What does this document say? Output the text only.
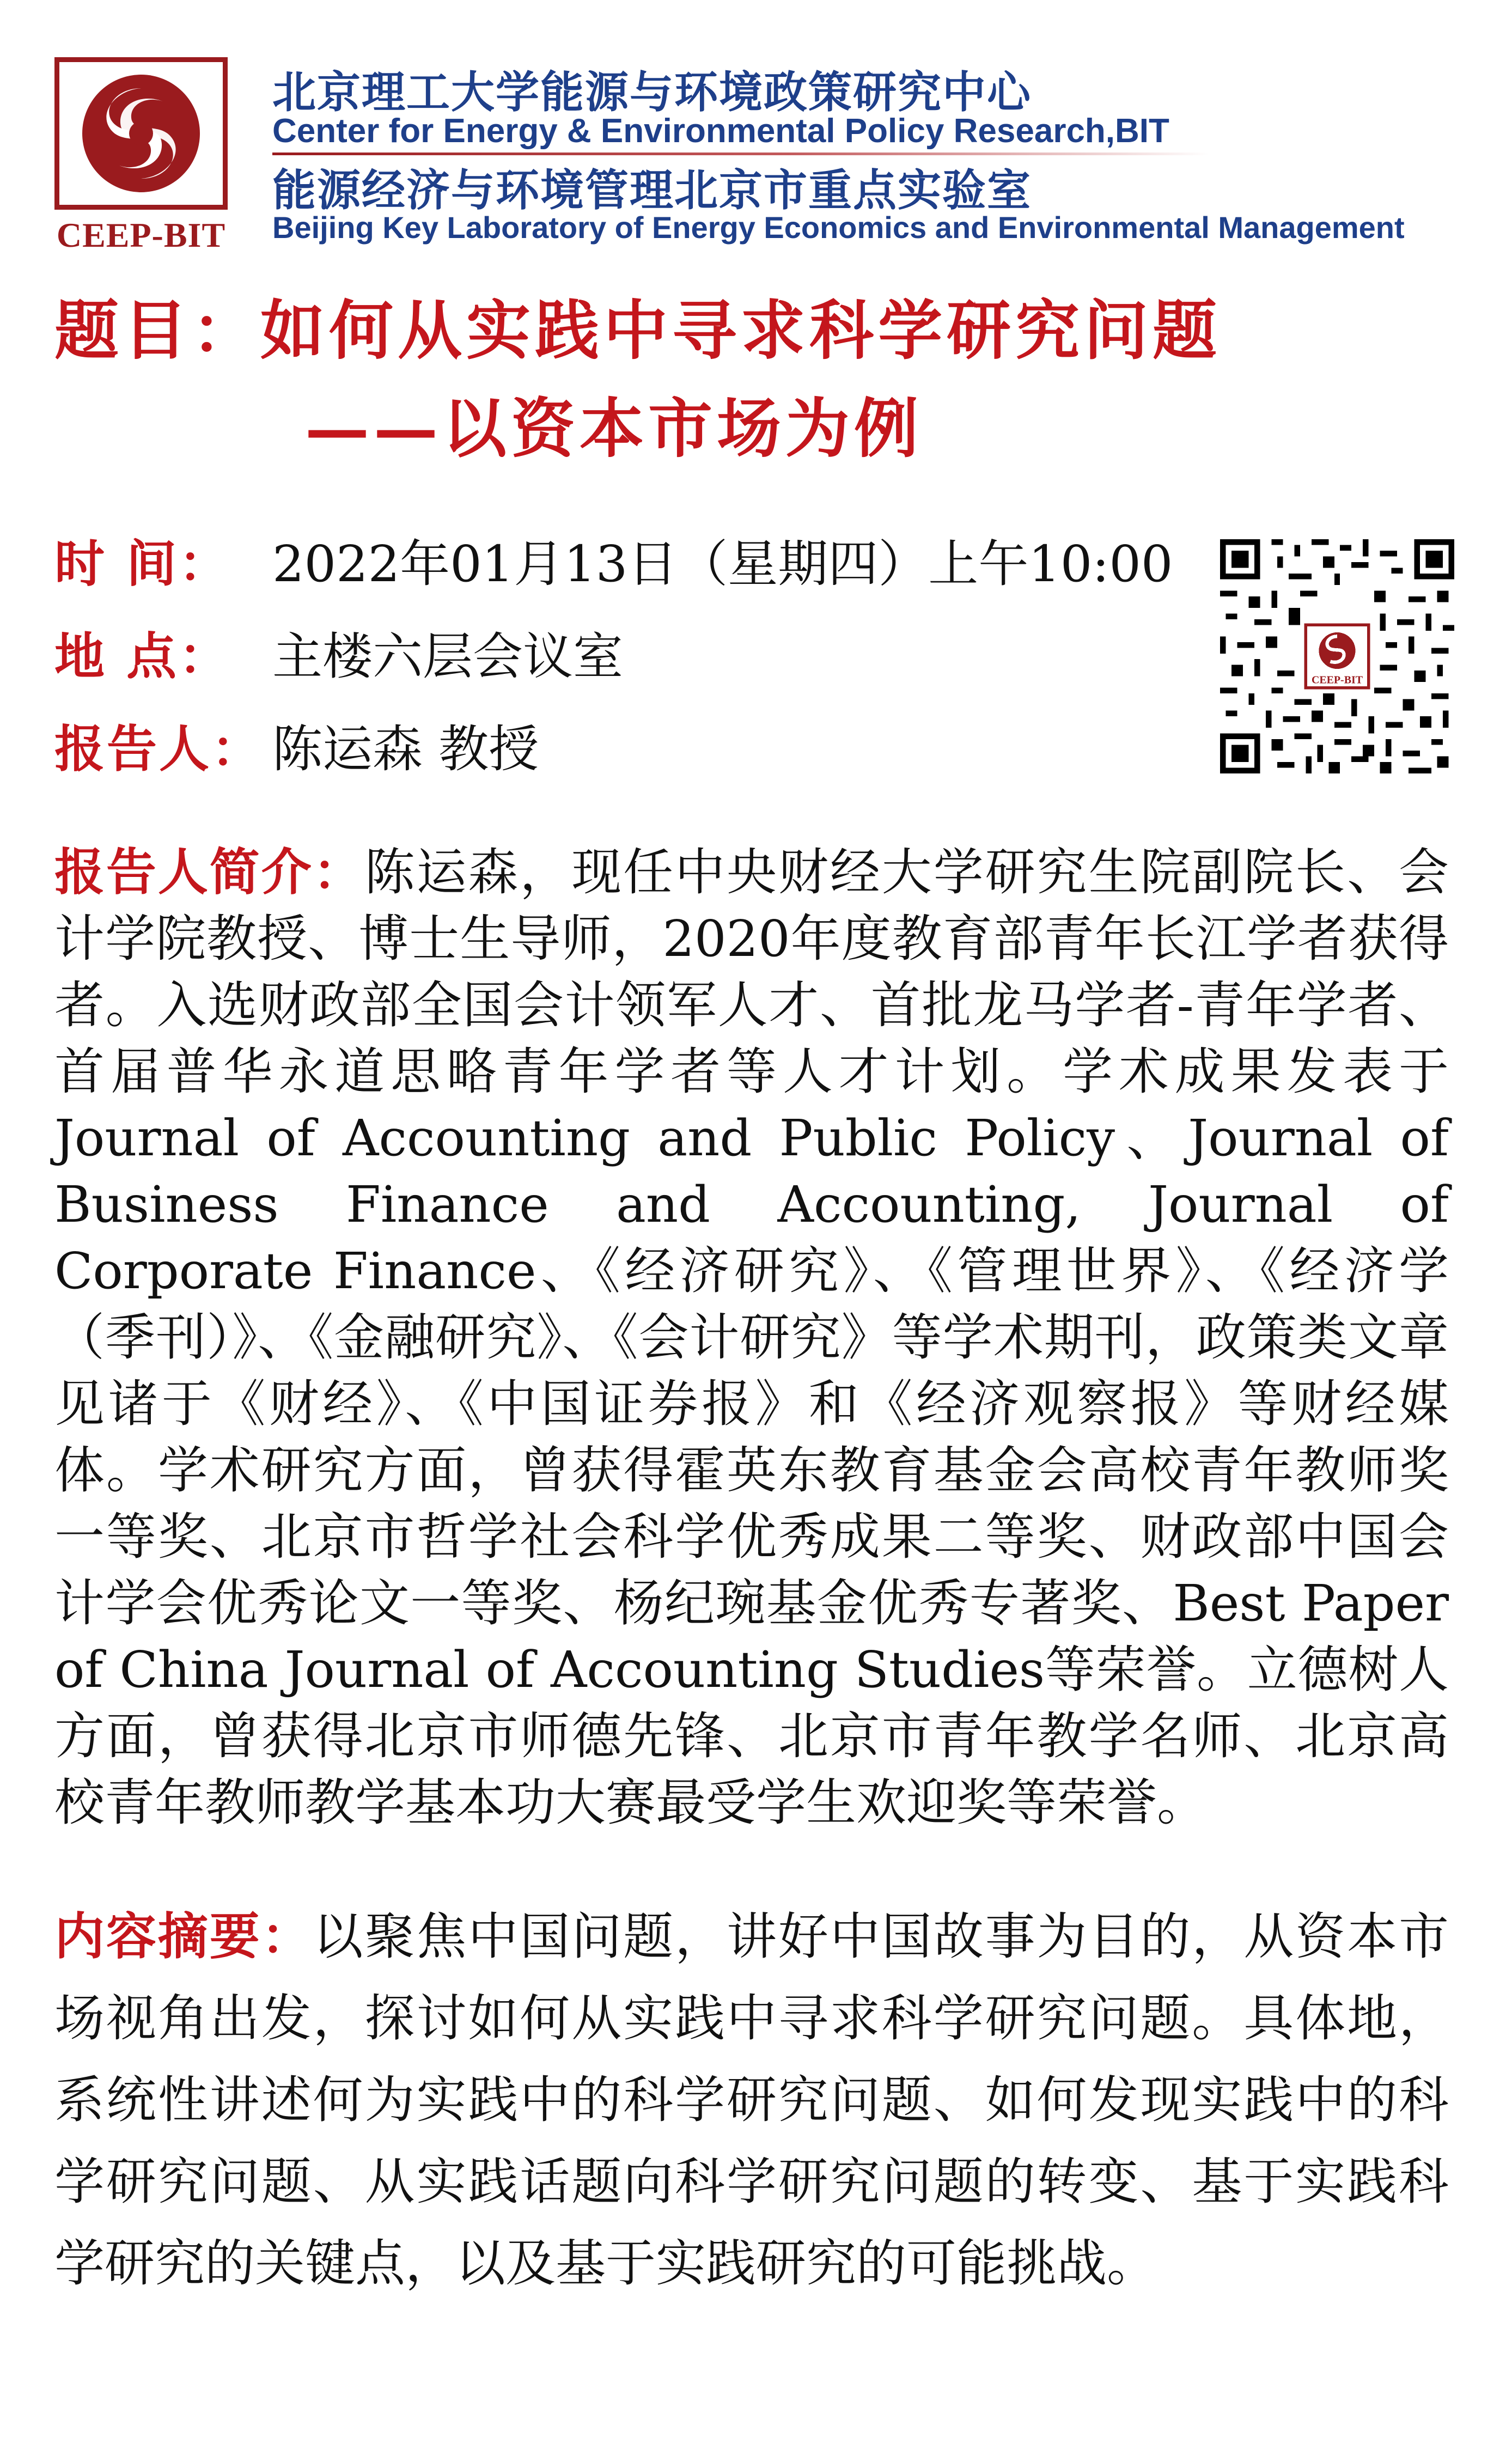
CEEP-BIT
北京理工大学能源与环境政策研究中心
Center for Energy & Environmental Policy Research,BIT
能源经济与环境管理北京市重点实验室
Beijing Key Laboratory of Energy Economics and Environmental Management
题目：如何从实践中寻求科学研究问题
——以资本市场为例
时 间： 2022年01月13日（星期四）上午10:00
地 点： 主楼六层会议室
报告人： 陈运森 教授
CEEP-BIT
报告人简介：陈运森，现任中央财经大学研究生院副院长、会计学院教授、博士生导师，2020年度教育部青年长江学者获得者。入选财政部全国会计领军人才、首批龙马学者-青年学者、首届普华永道思略青年学者等人才计划。学术成果发表于Journal of Accounting and Public Policy、Journal of Business Finance and Accounting, Journal of Corporate Finance、《经济研究》、《管理世界》、《经济学（季刊）》、《金融研究》、《会计研究》等学术期刊，政策类文章见诸于《财经》、《中国证券报》和《经济观察报》等财经媒体。学术研究方面，曾获得霍英东教育基金会高校青年教师奖一等奖、北京市哲学社会科学优秀成果二等奖、财政部中国会计学会优秀论文一等奖、杨纪琬基金优秀专著奖、Best Paper of China Journal of Accounting Studies等荣誉。立德树人方面，曾获得北京市师德先锋、北京市青年教学名师、北京高校青年教师教学基本功大赛最受学生欢迎奖等荣誉。
内容摘要：以聚焦中国问题，讲好中国故事为目的，从资本市场视角出发，探讨如何从实践中寻求科学研究问题。具体地，系统性讲述何为实践中的科学研究问题、如何发现实践中的科学研究问题、从实践话题向科学研究问题的转变、基于实践科学研究的关键点，以及基于实践研究的可能挑战。
